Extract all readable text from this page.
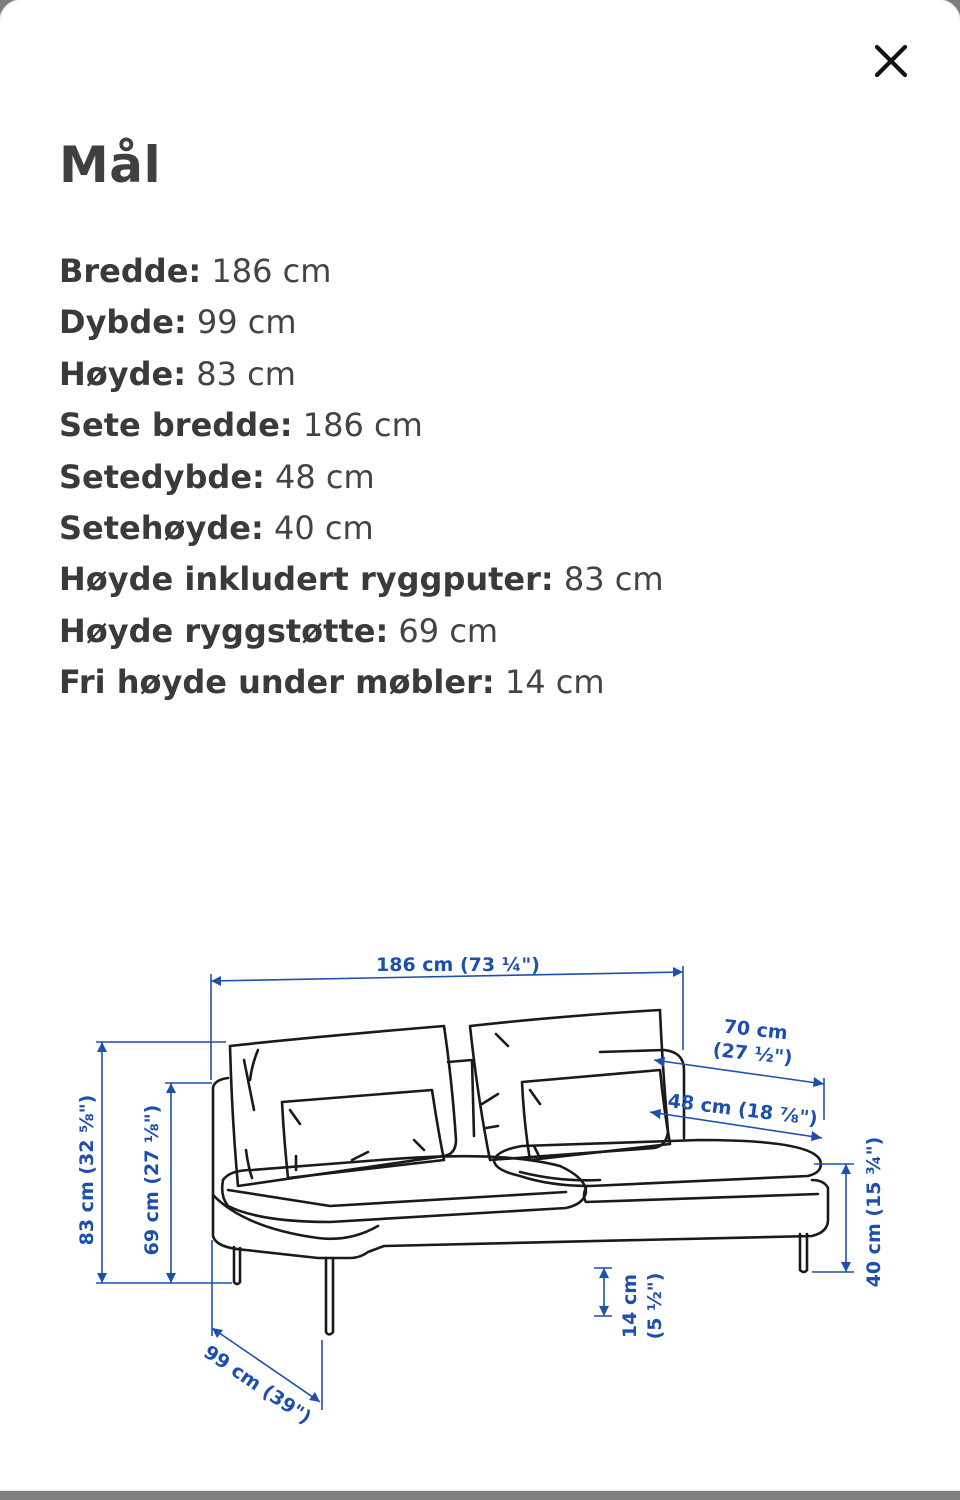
Mål
Bredde: 186 cm
Dybde: 99 cm
Høyde: 83 cm
Sete bredde: 186 cm
Setedybde: 48 cm
Setehøyde: 40 cm
Høyde inkludert ryggputer: 83 cm
Høyde ryggstøtte: 69 cm
Fri høyde under møbler: 14 cm
186 cm (73 ¼")
70 cm
(27 ½")
48 cm (18 ⅞")
83 cm (32 ⅝") 69 cm (27 ⅛")	40 cm (15 ¾")
14 cm (5 ½")
99 cm (39")
